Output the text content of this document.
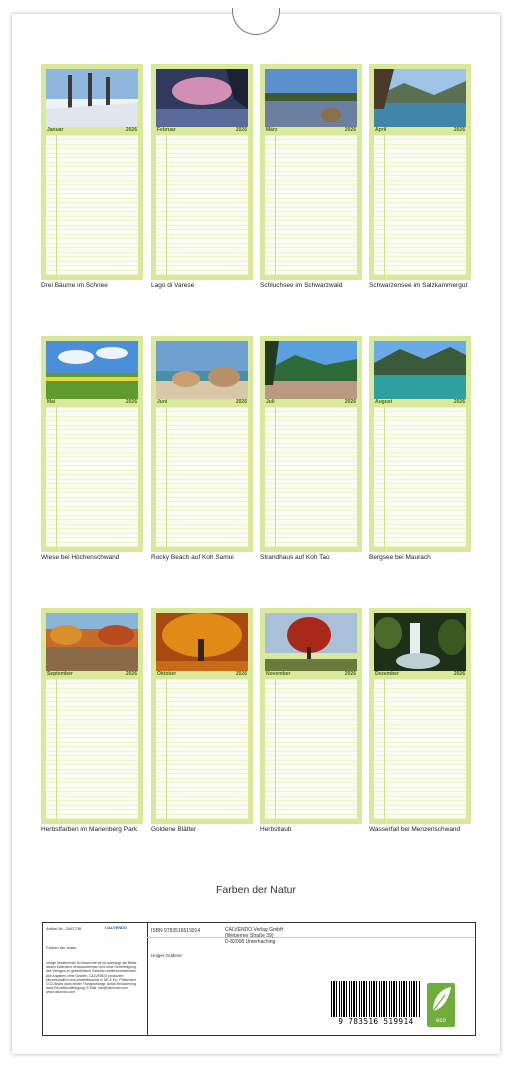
Januar	2026
Drei Bäume im Schnee
Februar	2026
Lago di Varese
März	2026
Schluchsee im Schwarzwald
April	2026
Schwarzensee im Salzkammergut
Mai	2026
Wiese bei Höchenschwand
Juni	2026
Rocky Beach auf Koh Samui
Juli	2026
Strandhaus auf Koh Tao
August	2026
Bergsee bei Maurach
September	2026
Herbstfarben im Marienberg Park
Oktober	2026
Goldene Blätter
November	2026
Herbstlaub
Dezember	2026
Wasserfall bei Menzenschwand
Farben der Natur
Artikel-Nr.: 2067736	CALVENDO
Farben der Natur
Infolge bestehender Schutzrechte ist es untersagt, die Bilder dieses Kalenders herauszutrennen und ohne Genehmigung des Verlages zu gewerblichen Zwecken weiterzuverwenden. Alle Angaben ohne Gewähr. CALVENDO produziert klimafreundlich und umweltbewusst in DE & EU. Präsentiert CO2-Bilanz dank bester Transportwege. Anfall-Reduzierung dank Einzelstückfertigung. E-Mail: info@calvendo.com · www.calvendo.com
ISBN 9783516519914
Holger Gräbner
CALVENDO Verlag GmbH
(Weberner Straße 39)
D-82008 Unterhaching
9 783516 519914	eco
